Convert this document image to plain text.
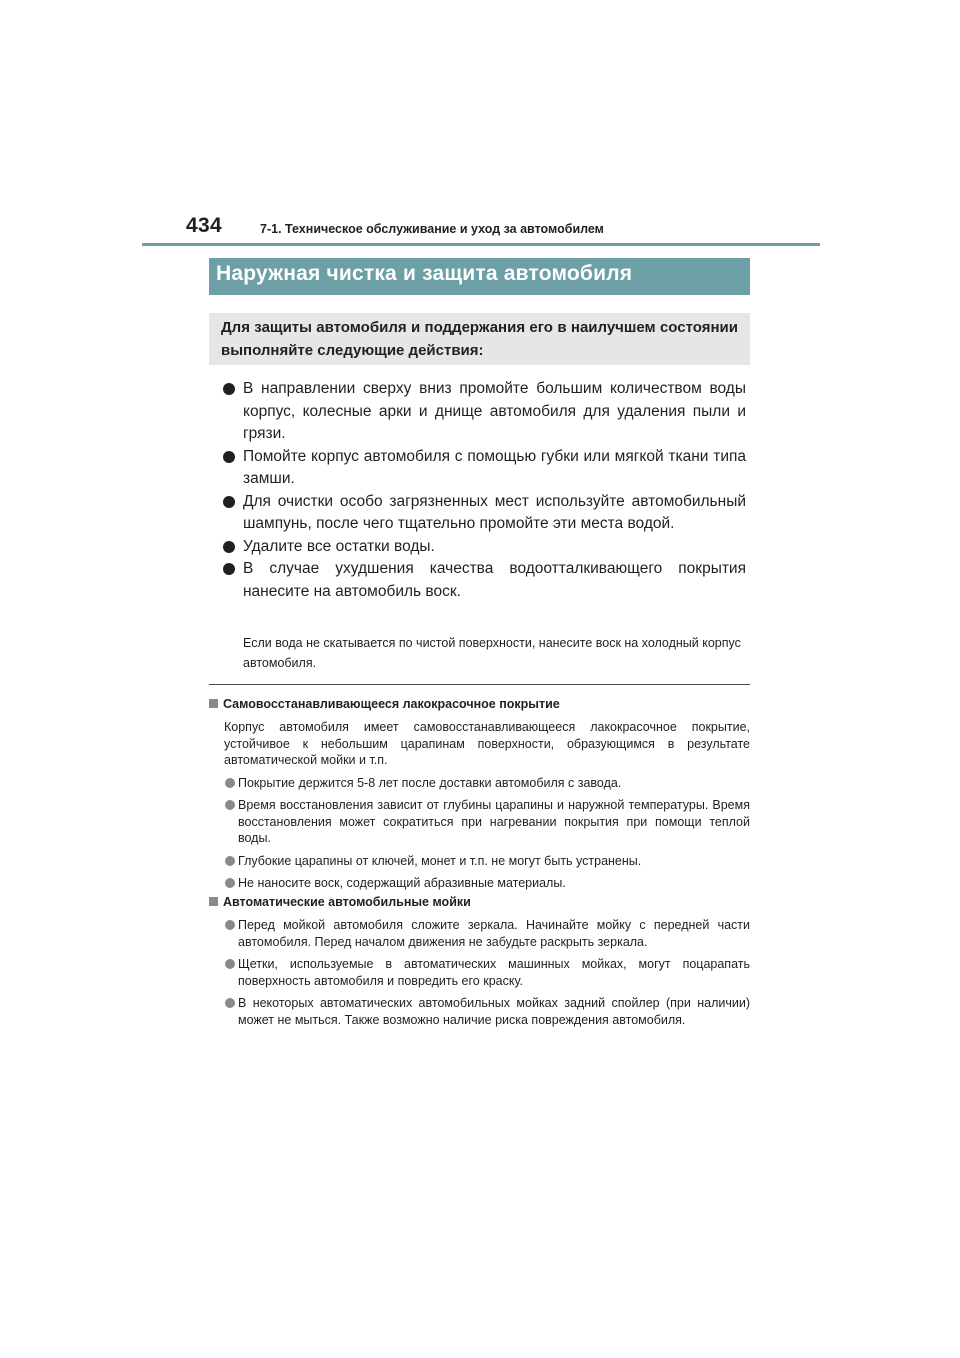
434	7-1. Техническое обслуживание и уход за автомобилем
Наружная чистка и защита автомобиля
Для защиты автомобиля и поддержания его в наилучшем состоянии выполняйте следующие действия:
В направлении сверху вниз промойте большим количеством воды корпус, колесные арки и днище автомобиля для удаления пыли и грязи.
Помойте корпус автомобиля с помощью губки или мягкой ткани типа замши.
Для очистки особо загрязненных мест используйте автомобильный шампунь, после чего тщательно промойте эти места водой.
Удалите все остатки воды.
В случае ухудшения качества водоотталкивающего покрытия нанесите на автомобиль воск.
Если вода не скатывается по чистой поверхности, нанесите воск на холодный корпус автомобиля.
Самовосстанавливающееся лакокрасочное покрытие
Корпус автомобиля имеет самовосстанавливающееся лакокрасочное покрытие, устойчивое к небольшим царапинам поверхности, образующимся в результате автоматической мойки и т.п.
Покрытие держится 5-8 лет после доставки автомобиля с завода.
Время восстановления зависит от глубины царапины и наружной температуры. Время восстановления может сократиться при нагревании покрытия при помощи теплой воды.
Глубокие царапины от ключей, монет и т.п. не могут быть устранены.
Не наносите воск, содержащий абразивные материалы.
Автоматические автомобильные мойки
Перед мойкой автомобиля сложите зеркала. Начинайте мойку с передней части автомобиля. Перед началом движения не забудьте раскрыть зеркала.
Щетки, используемые в автоматических машинных мойках, могут поцарапать поверхность автомобиля и повредить его краску.
В некоторых автоматических автомобильных мойках задний спойлер (при наличии) может не мыться. Также возможно наличие риска повреждения автомобиля.
